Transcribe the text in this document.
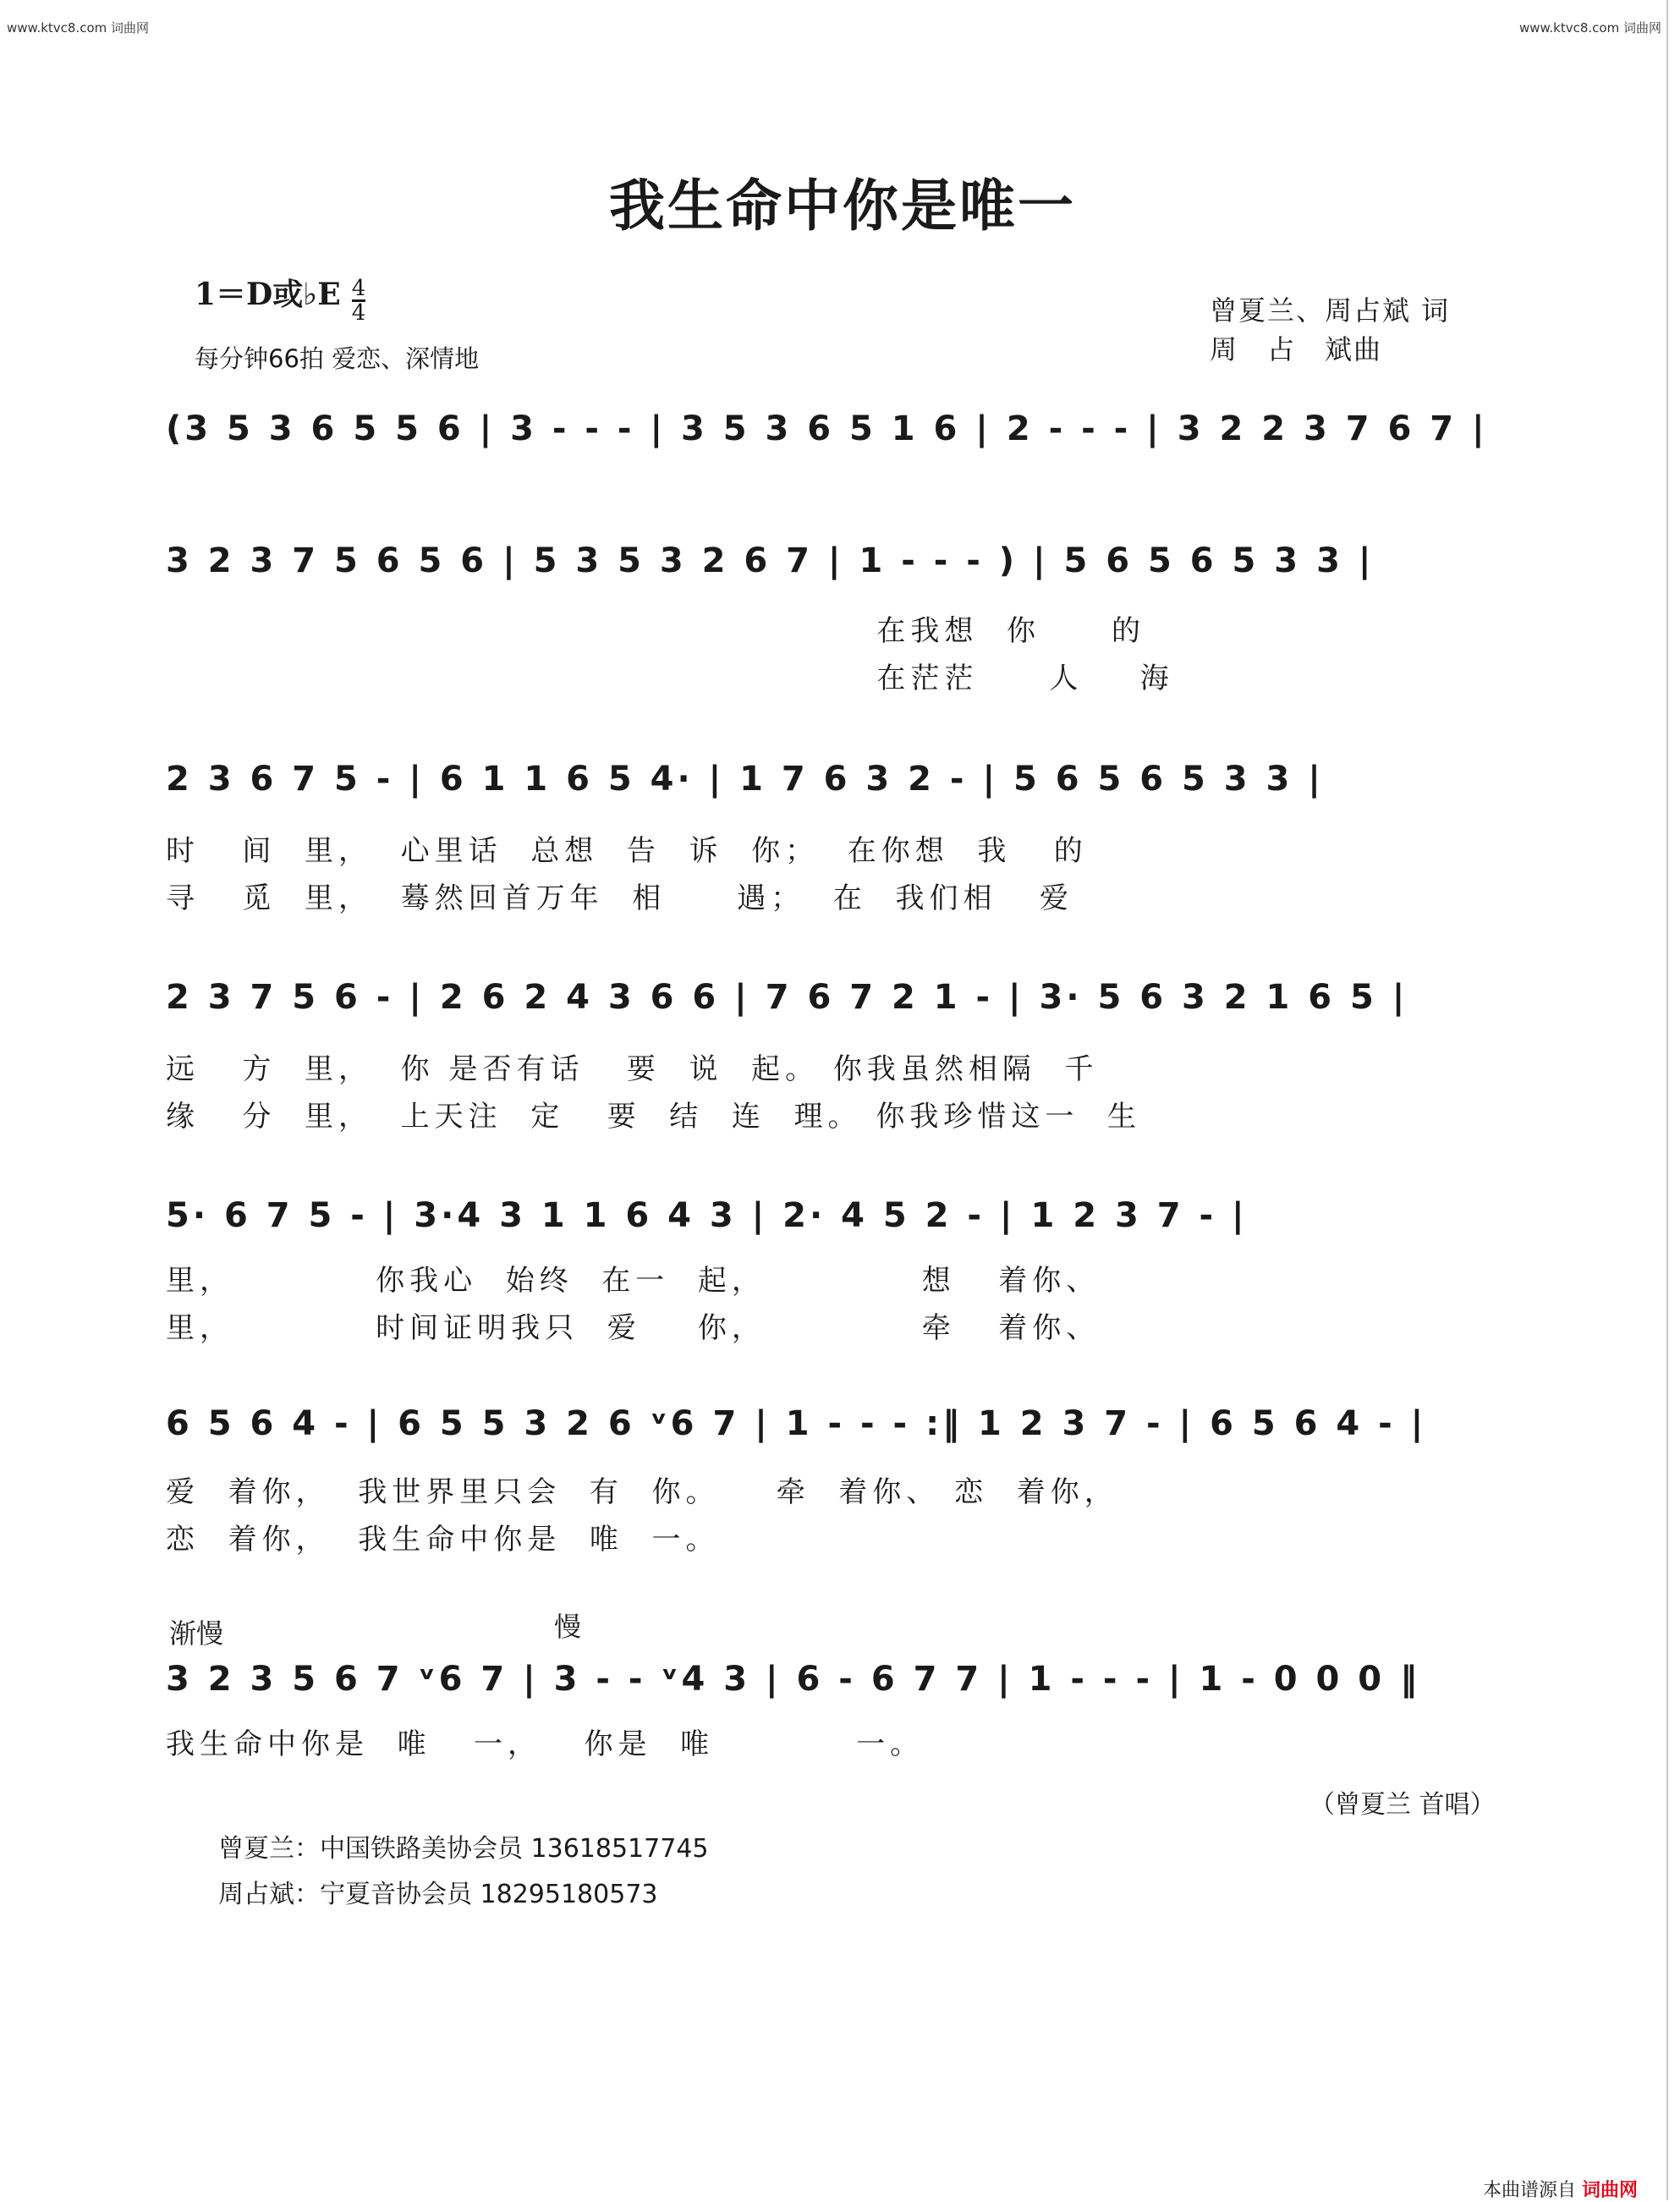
www.ktvc8.com 词曲网	www.ktvc8.com 词曲网
我生命中你是唯一
1＝D或♭E $\frac{4}{4}$
每分钟66拍 爱恋、深情地
曾夏兰、周占斌 词
周　占　斌曲
(3 5 3 6 5 5 6 | 3 - - - | 3 5 3 6 5 1 6 | 2 - - - | 3 2 2 3 7 6 7 |
3 2 3 7 5 6 5 6 | 5 3 5 3 2 6 7 | 1 - - - ) | 5 6 5 6 5 3 3 |
在我想  你     的
在茫茫     人    海
2 3 6 7 5 - | 6 1 1 6 5 4· | 1 7 6 3 2 - | 5 6 5 6 5 3 3 |
时   间  里，  心里话  总想  告  诉  你；  在你想  我   的
寻   觅  里，  蓦然回首万年  相     遇；  在  我们相   爱
2 3 7 5 6 - | 2 6 2 4 3 6 6 | 7 6 7 2 1 - | 3· 5 6 3 2 1 6 5 |
远   方  里，  你 是否有话   要  说  起。 你我虽然相隔  千
缘   分  里，  上天注  定   要  结  连  理。 你我珍惜这一  生
5· 6 7 5 - | 3·4 3 1 1 6 4 3 | 2· 4 5 2 - | 1 2 3 7 - |
里，          你我心  始终  在一  起，           想   着你、
里，          时间证明我只  爱    你，           牵   着你、
6 5 6 4 - | 6 5 5 3 2 6 ᵛ6 7 | 1 - - - :‖ 1 2 3 7 - | 6 5 6 4 - |
爱  着你，  我世界里只会  有  你。    牵  着你、 恋  着你，
恋  着你，  我生命中你是  唯  一。
渐慢	慢
3 2 3 5 6 7 ᵛ6 7 | 3 - - ᵛ4 3 | 6 - 6 7 7 | 1 - - - | 1 - 0 0 0 ‖
我生命中你是  唯   一，   你是  唯          一。
（曾夏兰 首唱）
曾夏兰：中国铁路美协会员 13618517745
周占斌：宁夏音协会员 18295180573
本曲谱源自 词曲网
